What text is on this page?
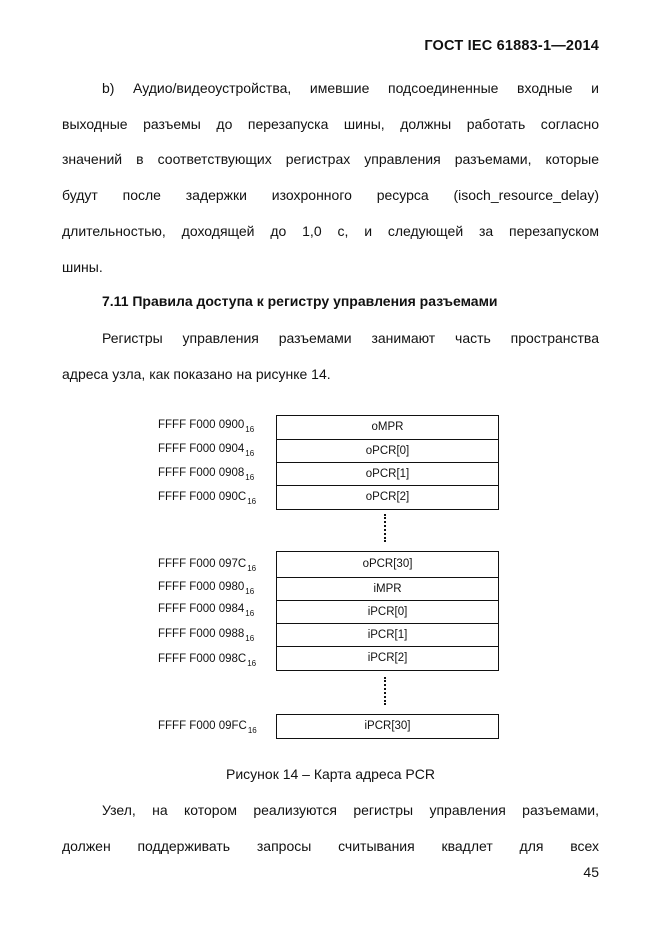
ГОСТ IEC 61883-1—2014
b) Аудио/видеоустройства, имевшие подсоединенные входные и
выходные разъемы до перезапуска шины, должны работать согласно
значений в соответствующих регистрах управления разъемами, которые
будут после задержки изохронного ресурса (isoch_resource_delay)
длительностью, доходящей до 1,0 с, и следующей за перезапуском
шины.
7.11 Правила доступа к регистру управления разъемами
Регистры управления разъемами занимают часть пространства
адреса узла, как показано на рисунке 14.
FFFF F000 $0900_{16}$
FFFF F000 $0904_{16}$
FFFF F000 $0908_{16}$
FFFF F000 $090C_{16}$
oMPR
oPCR[0]
oPCR[1]
oPCR[2]
FFFF F000 $097C_{16}$
FFFF F000 $0980_{16}$
FFFF F000 $0984_{16}$
FFFF F000 $0988_{16}$
FFFF F000 $098C_{16}$
oPCR[30]
iMPR
iPCR[0]
iPCR[1]
iPCR[2]
FFFF F000 $09FC_{16}$	iPCR[30]
Рисунок 14 – Карта адреса PCR
Узел, на котором реализуются регистры управления разъемами,
должен поддерживать запросы считывания квадлет для всех
45
